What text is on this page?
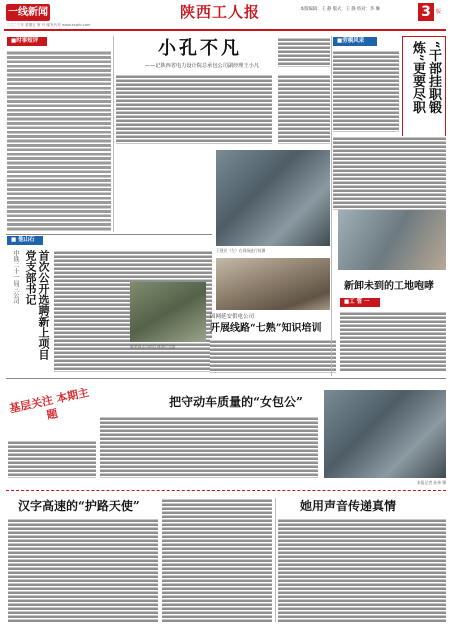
一线新闻	陕西工人报	本版编辑：王 静 版式：王 静 校对：李 琳	3	版
二〇二三年 星期五 第 号 邮发代号 www.sxgrb.com
■时事短评	小孔不凡
——记陕西省电力设计院总承包公司副经理王小凡
■劳模风采	“干部挂职锻炼”更要尽职
■ 他山石
中铁二十一局三公司	首次公开选聘新上项目党支部书记	王建民（左）在现场进行检测
新卸未到的工地咆哮
■工 管 一
国网延安供电公司
开展线路“七熟”知识培训
陈老同志与项目部进行交流
基层关注 本期主题
把守动车质量的“女包公”
本报记者 孙伟 摄
汉字高速的“护路天使”	她用声音传递真情
